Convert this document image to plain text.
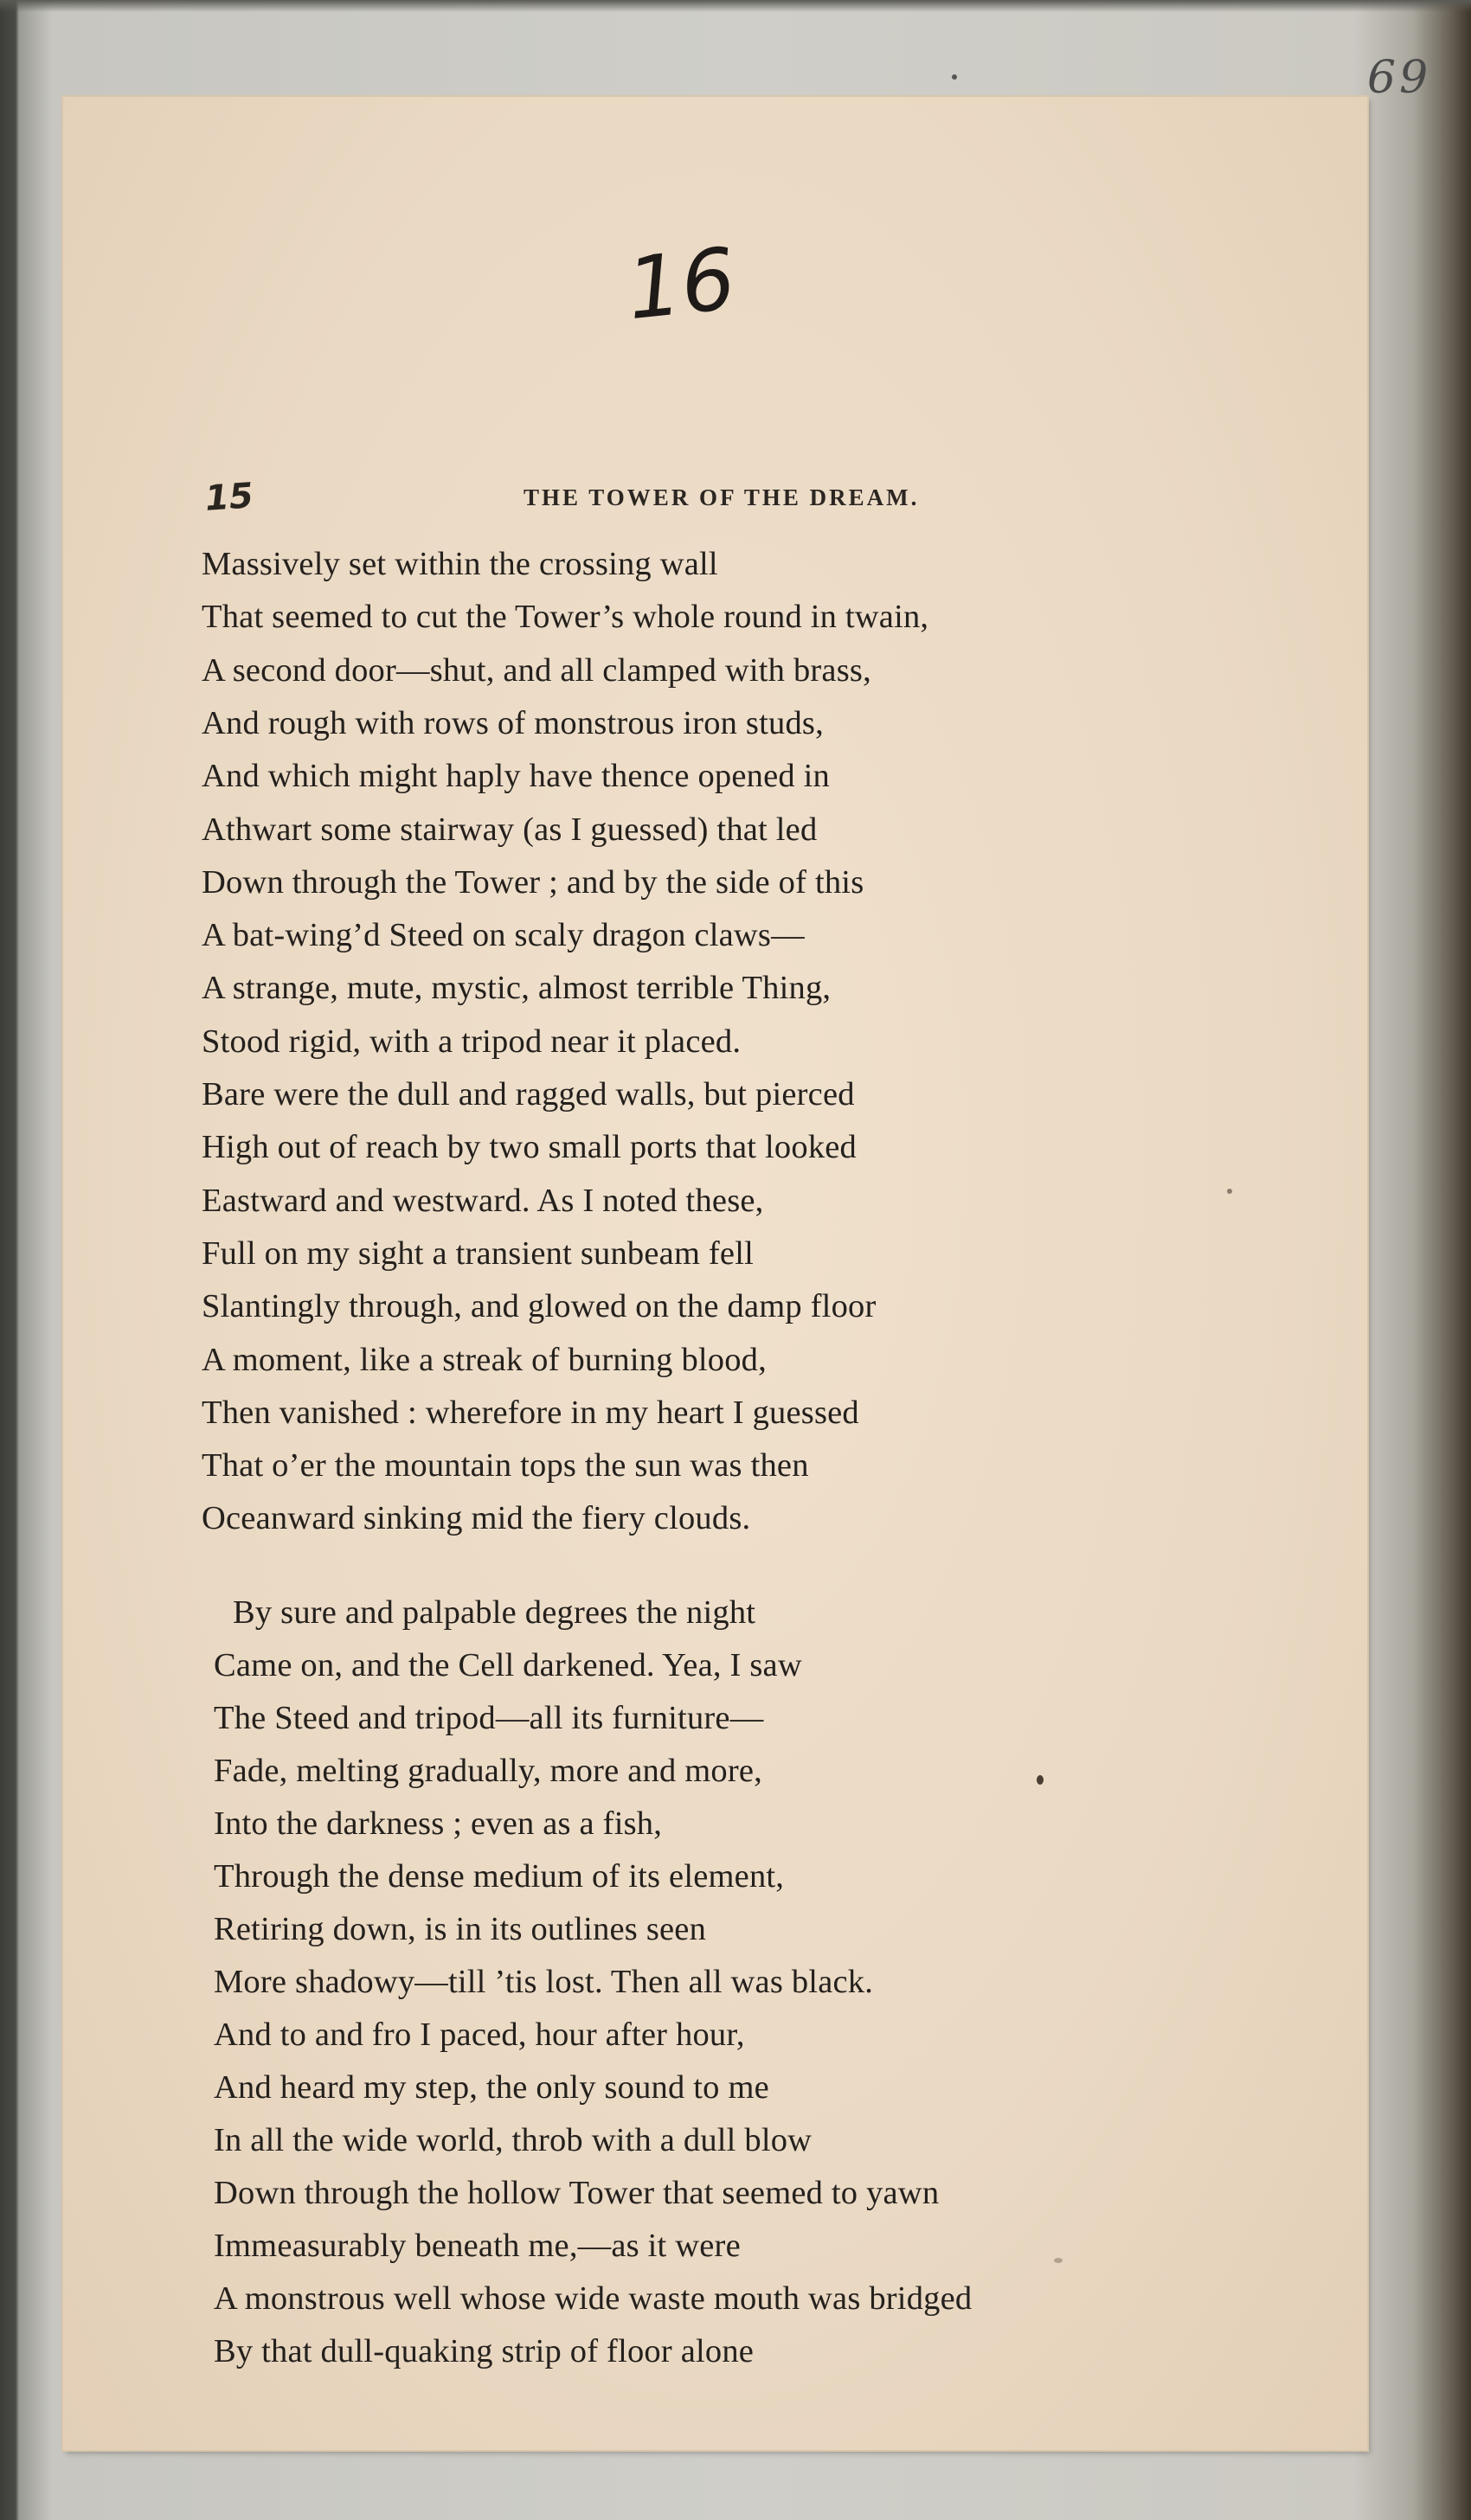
69
16
15	THE TOWER OF THE DREAM.
Massively set within the crossing wall
That seemed to cut the Tower’s whole round in twain,
A second door—shut, and all clamped with brass,
And rough with rows of monstrous iron studs,
And which might haply have thence opened in
Athwart some stairway (as I guessed) that led
Down through the Tower ; and by the side of this
A bat-wing’d Steed on scaly dragon claws—
A strange, mute, mystic, almost terrible Thing,
Stood rigid, with a tripod near it placed.
Bare were the dull and ragged walls, but pierced
High out of reach by two small ports that looked
Eastward and westward. As I noted these,
Full on my sight a transient sunbeam fell
Slantingly through, and glowed on the damp floor
A moment, like a streak of burning blood,
Then vanished : wherefore in my heart I guessed
That o’er the mountain tops the sun was then
Oceanward sinking mid the fiery clouds.
By sure and palpable degrees the night
Came on, and the Cell darkened. Yea, I saw
The Steed and tripod—all its furniture—
Fade, melting gradually, more and more,
Into the darkness ; even as a fish,
Through the dense medium of its element,
Retiring down, is in its outlines seen
More shadowy—till ’tis lost. Then all was black.
And to and fro I paced, hour after hour,
And heard my step, the only sound to me
In all the wide world, throb with a dull blow
Down through the hollow Tower that seemed to yawn
Immeasurably beneath me,—as it were
A monstrous well whose wide waste mouth was bridged
By that dull-quaking strip of floor alone
